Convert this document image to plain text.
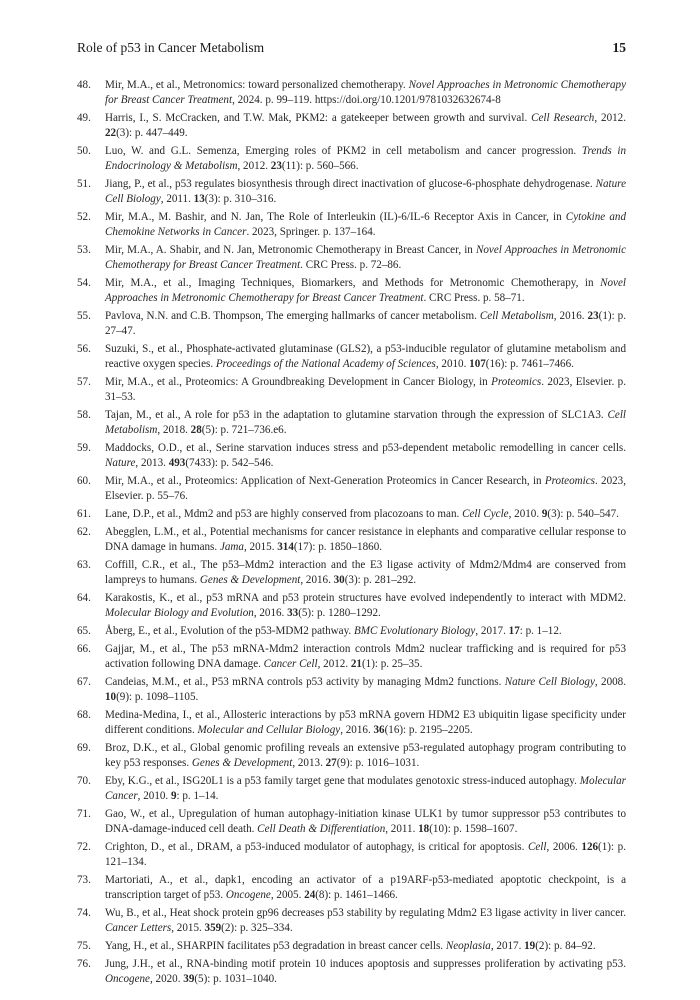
Role of p53 in Cancer Metabolism	15
48.	Mir, M.A., et al., Metronomics: toward personalized chemotherapy. Novel Approaches in Metronomic Chemotherapy for Breast Cancer Treatment, 2024. p. 99–119. https://doi.org/10.1201/9781032632674-8
49.	Harris, I., S. McCracken, and T.W. Mak, PKM2: a gatekeeper between growth and survival. Cell Research, 2012. 22(3): p. 447–449.
50.	Luo, W. and G.L. Semenza, Emerging roles of PKM2 in cell metabolism and cancer progression. Trends in Endocrinology & Metabolism, 2012. 23(11): p. 560–566.
51.	Jiang, P., et al., p53 regulates biosynthesis through direct inactivation of glucose-6-phosphate dehydrogenase. Nature Cell Biology, 2011. 13(3): p. 310–316.
52.	Mir, M.A., M. Bashir, and N. Jan, The Role of Interleukin (IL)-6/IL-6 Receptor Axis in Cancer, in Cytokine and Chemokine Networks in Cancer. 2023, Springer. p. 137–164.
53.	Mir, M.A., A. Shabir, and N. Jan, Metronomic Chemotherapy in Breast Cancer, in Novel Approaches in Metronomic Chemotherapy for Breast Cancer Treatment. CRC Press. p. 72–86.
54.	Mir, M.A., et al., Imaging Techniques, Biomarkers, and Methods for Metronomic Chemotherapy, in Novel Approaches in Metronomic Chemotherapy for Breast Cancer Treatment. CRC Press. p. 58–71.
55.	Pavlova, N.N. and C.B. Thompson, The emerging hallmarks of cancer metabolism. Cell Metabolism, 2016. 23(1): p. 27–47.
56.	Suzuki, S., et al., Phosphate-activated glutaminase (GLS2), a p53-inducible regulator of glutamine metabolism and reactive oxygen species. Proceedings of the National Academy of Sciences, 2010. 107(16): p. 7461–7466.
57.	Mir, M.A., et al., Proteomics: A Groundbreaking Development in Cancer Biology, in Proteomics. 2023, Elsevier. p. 31–53.
58.	Tajan, M., et al., A role for p53 in the adaptation to glutamine starvation through the expression of SLC1A3. Cell Metabolism, 2018. 28(5): p. 721–736.e6.
59.	Maddocks, O.D., et al., Serine starvation induces stress and p53-dependent metabolic remodelling in cancer cells. Nature, 2013. 493(7433): p. 542–546.
60.	Mir, M.A., et al., Proteomics: Application of Next-Generation Proteomics in Cancer Research, in Proteomics. 2023, Elsevier. p. 55–76.
61.	Lane, D.P., et al., Mdm2 and p53 are highly conserved from placozoans to man. Cell Cycle, 2010. 9(3): p. 540–547.
62.	Abegglen, L.M., et al., Potential mechanisms for cancer resistance in elephants and comparative cellular response to DNA damage in humans. Jama, 2015. 314(17): p. 1850–1860.
63.	Coffill, C.R., et al., The p53–Mdm2 interaction and the E3 ligase activity of Mdm2/Mdm4 are conserved from lampreys to humans. Genes & Development, 2016. 30(3): p. 281–292.
64.	Karakostis, K., et al., p53 mRNA and p53 protein structures have evolved independently to interact with MDM2. Molecular Biology and Evolution, 2016. 33(5): p. 1280–1292.
65.	Åberg, E., et al., Evolution of the p53-MDM2 pathway. BMC Evolutionary Biology, 2017. 17: p. 1–12.
66.	Gajjar, M., et al., The p53 mRNA-Mdm2 interaction controls Mdm2 nuclear trafficking and is required for p53 activation following DNA damage. Cancer Cell, 2012. 21(1): p. 25–35.
67.	Candeias, M.M., et al., P53 mRNA controls p53 activity by managing Mdm2 functions. Nature Cell Biology, 2008. 10(9): p. 1098–1105.
68.	Medina-Medina, I., et al., Allosteric interactions by p53 mRNA govern HDM2 E3 ubiquitin ligase specificity under different conditions. Molecular and Cellular Biology, 2016. 36(16): p. 2195–2205.
69.	Broz, D.K., et al., Global genomic profiling reveals an extensive p53-regulated autophagy program contributing to key p53 responses. Genes & Development, 2013. 27(9): p. 1016–1031.
70.	Eby, K.G., et al., ISG20L1 is a p53 family target gene that modulates genotoxic stress-induced autophagy. Molecular Cancer, 2010. 9: p. 1–14.
71.	Gao, W., et al., Upregulation of human autophagy-initiation kinase ULK1 by tumor suppressor p53 contributes to DNA-damage-induced cell death. Cell Death & Differentiation, 2011. 18(10): p. 1598–1607.
72.	Crighton, D., et al., DRAM, a p53-induced modulator of autophagy, is critical for apoptosis. Cell, 2006. 126(1): p. 121–134.
73.	Martoriati, A., et al., dapk1, encoding an activator of a p19ARF-p53-mediated apoptotic checkpoint, is a transcription target of p53. Oncogene, 2005. 24(8): p. 1461–1466.
74.	Wu, B., et al., Heat shock protein gp96 decreases p53 stability by regulating Mdm2 E3 ligase activity in liver cancer. Cancer Letters, 2015. 359(2): p. 325–334.
75.	Yang, H., et al., SHARPIN facilitates p53 degradation in breast cancer cells. Neoplasia, 2017. 19(2): p. 84–92.
76.	Jung, J.H., et al., RNA-binding motif protein 10 induces apoptosis and suppresses proliferation by activating p53. Oncogene, 2020. 39(5): p. 1031–1040.
